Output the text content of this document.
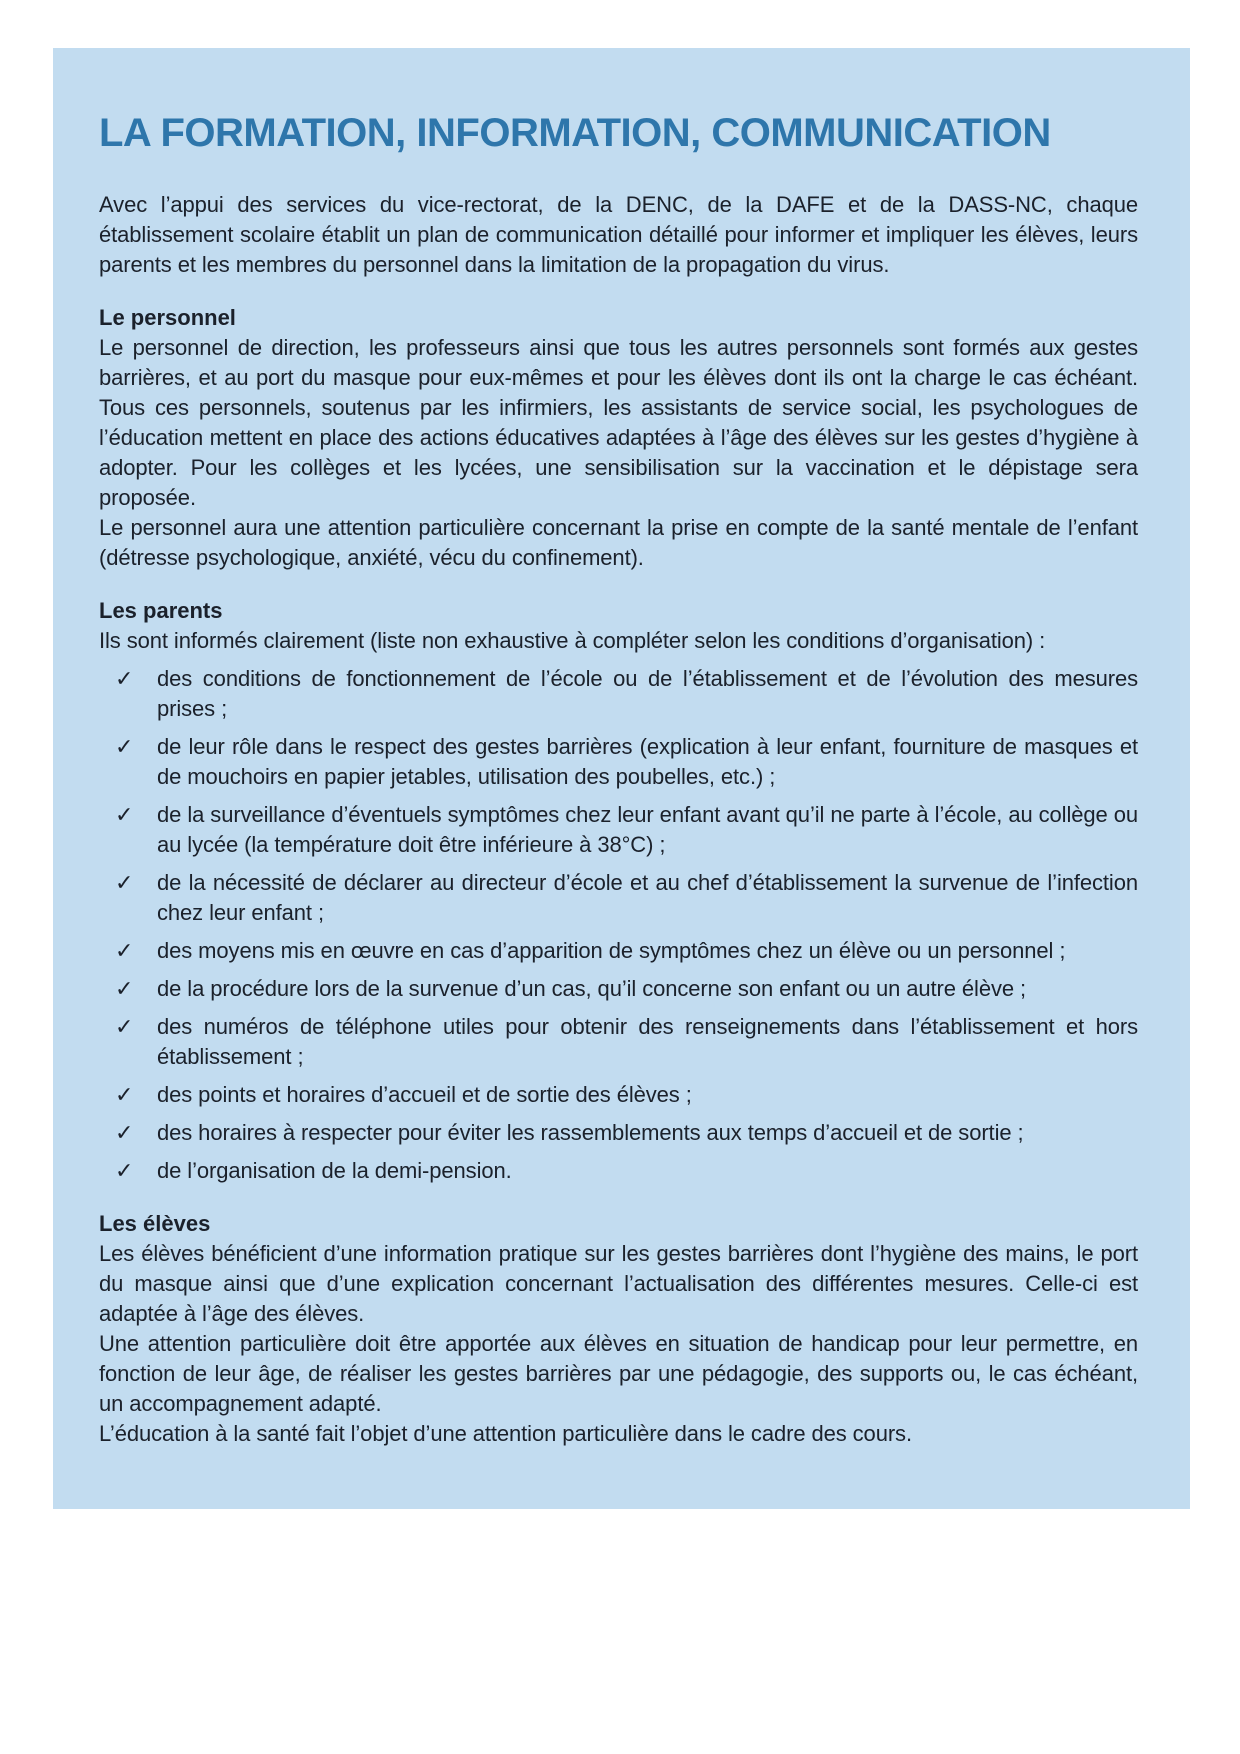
LA FORMATION, INFORMATION, COMMUNICATION

Avec l’appui des services du vice-rectorat, de la DENC, de la DAFE et de la DASS-NC, chaque établissement scolaire établit un plan de communication détaillé pour informer et impliquer les élèves, leurs parents et les membres du personnel dans la limitation de la propagation du virus.

Le personnel

Le personnel de direction, les professeurs ainsi que tous les autres personnels sont formés aux gestes barrières, et au port du masque pour eux-mêmes et pour les élèves dont ils ont la charge le cas échéant. Tous ces personnels, soutenus par les infirmiers, les assistants de service social, les psychologues de l’éducation mettent en place des actions éducatives adaptées à l’âge des élèves sur les gestes d’hygiène à adopter. Pour les collèges et les lycées, une sensibilisation sur la vaccination et le dépistage sera proposée.

Le personnel aura une attention particulière concernant la prise en compte de la santé mentale de l’enfant (détresse psychologique, anxiété, vécu du confinement).

Les parents

Ils sont informés clairement (liste non exhaustive à compléter selon les conditions d’organisation) :

✓	des conditions de fonctionnement de l’école ou de l’établissement et de l’évolution des mesures prises ;
✓	de leur rôle dans le respect des gestes barrières (explication à leur enfant, fourniture de masques et de mouchoirs en papier jetables, utilisation des poubelles, etc.) ;
✓	de la surveillance d’éventuels symptômes chez leur enfant avant qu’il ne parte à l’école, au collège ou au lycée (la température doit être inférieure à 38°C) ;
✓	de la nécessité de déclarer au directeur d’école et au chef d’établissement la survenue de l’infection chez leur enfant ;
✓	des moyens mis en œuvre en cas d’apparition de symptômes chez un élève ou un personnel ;
✓	de la procédure lors de la survenue d’un cas, qu’il concerne son enfant ou un autre élève ;
✓	des numéros de téléphone utiles pour obtenir des renseignements dans l’établissement et hors établissement ;
✓	des points et horaires d’accueil et de sortie des élèves ;
✓	des horaires à respecter pour éviter les rassemblements aux temps d’accueil et de sortie ;
✓	de l’organisation de la demi-pension.
Les élèves

Les élèves bénéficient d’une information pratique sur les gestes barrières dont l’hygiène des mains, le port du masque ainsi que d’une explication concernant l’actualisation des différentes mesures. Celle-ci est adaptée à l’âge des élèves.

Une attention particulière doit être apportée aux élèves en situation de handicap pour leur permettre, en fonction de leur âge, de réaliser les gestes barrières par une pédagogie, des supports ou, le cas échéant, un accompagnement adapté.

L’éducation à la santé fait l’objet d’une attention particulière dans le cadre des cours.
